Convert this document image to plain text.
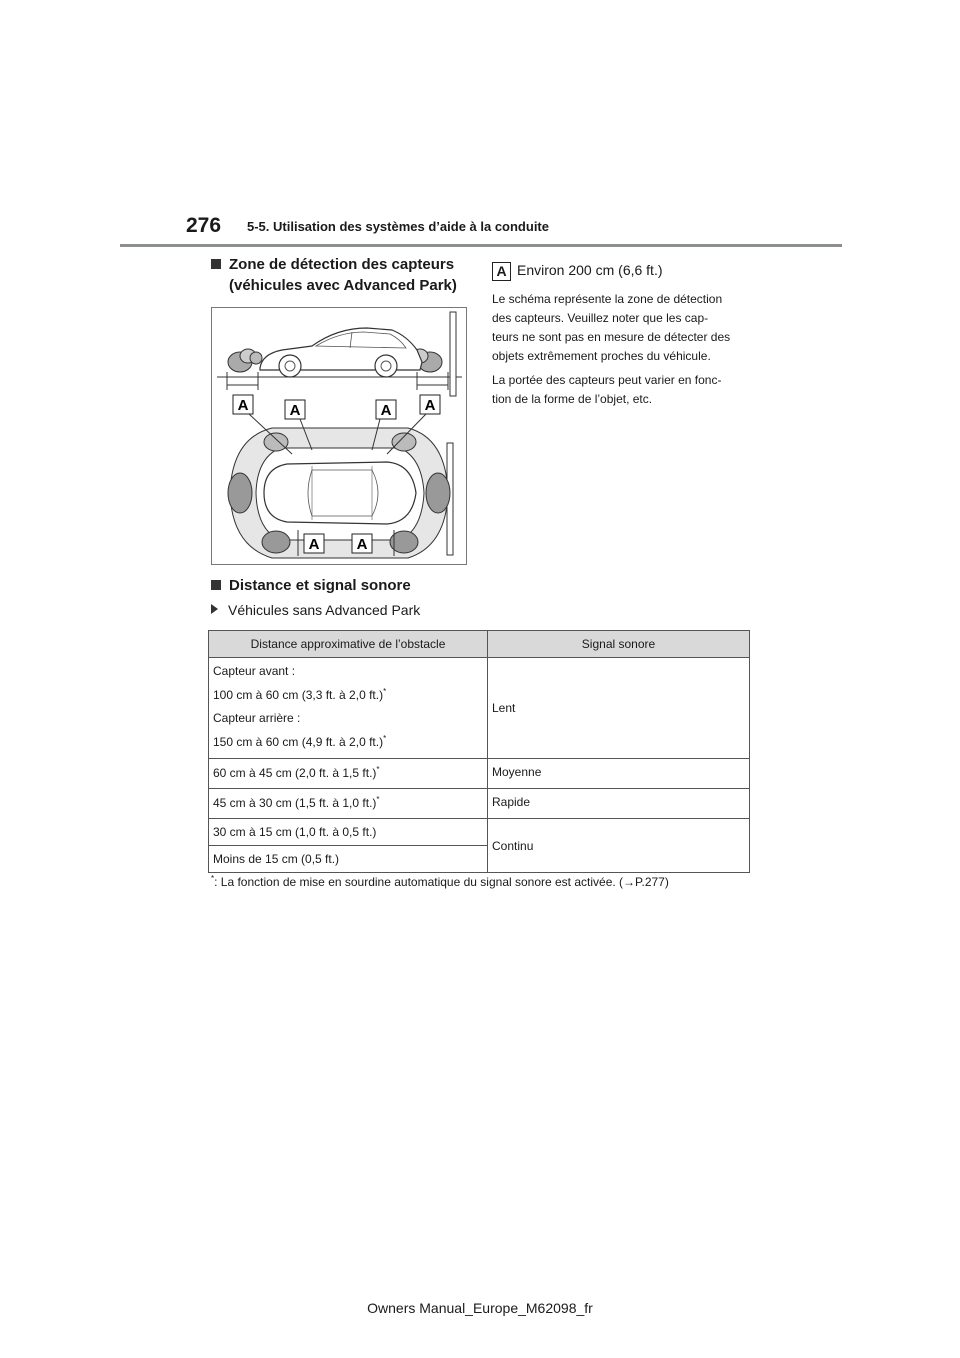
276 5-5. Utilisation des systèmes d’aide à la conduite
Zone de détection des capteurs
(véhicules avec Advanced Park)
A	A	A A
A A
A Environ 200 cm (6,6 ft.)

Le schéma représente la zone de détection

des capteurs. Veuillez noter que les cap-

teurs ne sont pas en mesure de détecter des

objets extrêmement proches du véhicule.

La portée des capteurs peut varier en fonc-

tion de la forme de l’objet, etc.

Distance et signal sonore
Véhicules sans Advanced Park
Distance approximative de l’obstacle	Signal sonore

Capteur avant :

100 cm à 60 cm (3,3 ft. à 2,0 ft.)*

Capteur arrière :

150 cm à 60 cm (4,9 ft. à 2,0 ft.)*	Lent
60 cm à 45 cm (2,0 ft. à 1,5 ft.)*	Moyenne
45 cm à 30 cm (1,5 ft. à 1,0 ft.)*	Rapide
30 cm à 15 cm (1,0 ft. à 0,5 ft.)	Continu
Moins de 15 cm (0,5 ft.)	
*: La fonction de mise en sourdine automatique du signal sonore est activée. (→P.277)
Owners Manual_Europe_M62098_fr
